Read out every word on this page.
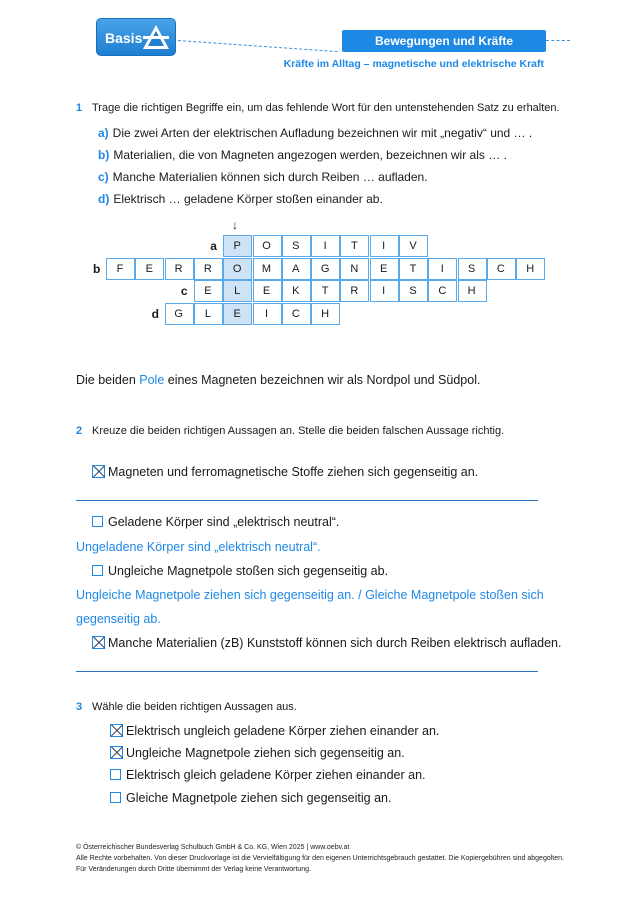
Basis	Bewegungen und Kräfte
Kräfte im Alltag – magnetische und elektrische Kraft
1 Trage die richtigen Begriffe ein, um das fehlende Wort für den untenstehenden Satz zu erhalten.
a) Die zwei Arten der elektrischen Aufladung bezeichnen wir mit „negativ“ und … .
b) Materialien, die von Magneten angezogen werden, bezeichnen wir als … .
c) Manche Materialien können sich durch Reiben … aufladen.
d) Elektrisch … geladene Körper stoßen einander ab.
↓
a	P	O	S	I	T	I	V
b	F	E	R	R	O	M	A	G	N	E	T	I	S	C	H
c	E	L	E	K	T	R	I	S	C	H
d	G	L	E	I	C	H
Die beiden Pole eines Magneten bezeichnen wir als Nordpol und Südpol.
2 Kreuze die beiden richtigen Aussagen an. Stelle die beiden falschen Aussage richtig.
Magneten und ferromagnetische Stoffe ziehen sich gegenseitig an.
Geladene Körper sind „elektrisch neutral“.
Ungeladene Körper sind „elektrisch neutral“.
Ungleiche Magnetpole stoßen sich gegenseitig ab.
Ungleiche Magnetpole ziehen sich gegenseitig an. / Gleiche Magnetpole stoßen sich
gegenseitig ab.
Manche Materialien (zB) Kunststoff können sich durch Reiben elektrisch aufladen.
3 Wähle die beiden richtigen Aussagen aus.
Elektrisch ungleich geladene Körper ziehen einander an.
Ungleiche Magnetpole ziehen sich gegenseitig an.
Elektrisch gleich geladene Körper ziehen einander an.
Gleiche Magnetpole ziehen sich gegenseitig an.
© Österreichischer Bundesverlag Schulbuch GmbH & Co. KG, Wien 2025 | www.oebv.at
Alle Rechte vorbehalten. Von dieser Druckvorlage ist die Vervielfältigung für den eigenen Unterrichtsgebrauch gestattet. Die Kopiergebühren sind abgegolten.
Für Veränderungen durch Dritte übernimmt der Verlag keine Verantwortung.
